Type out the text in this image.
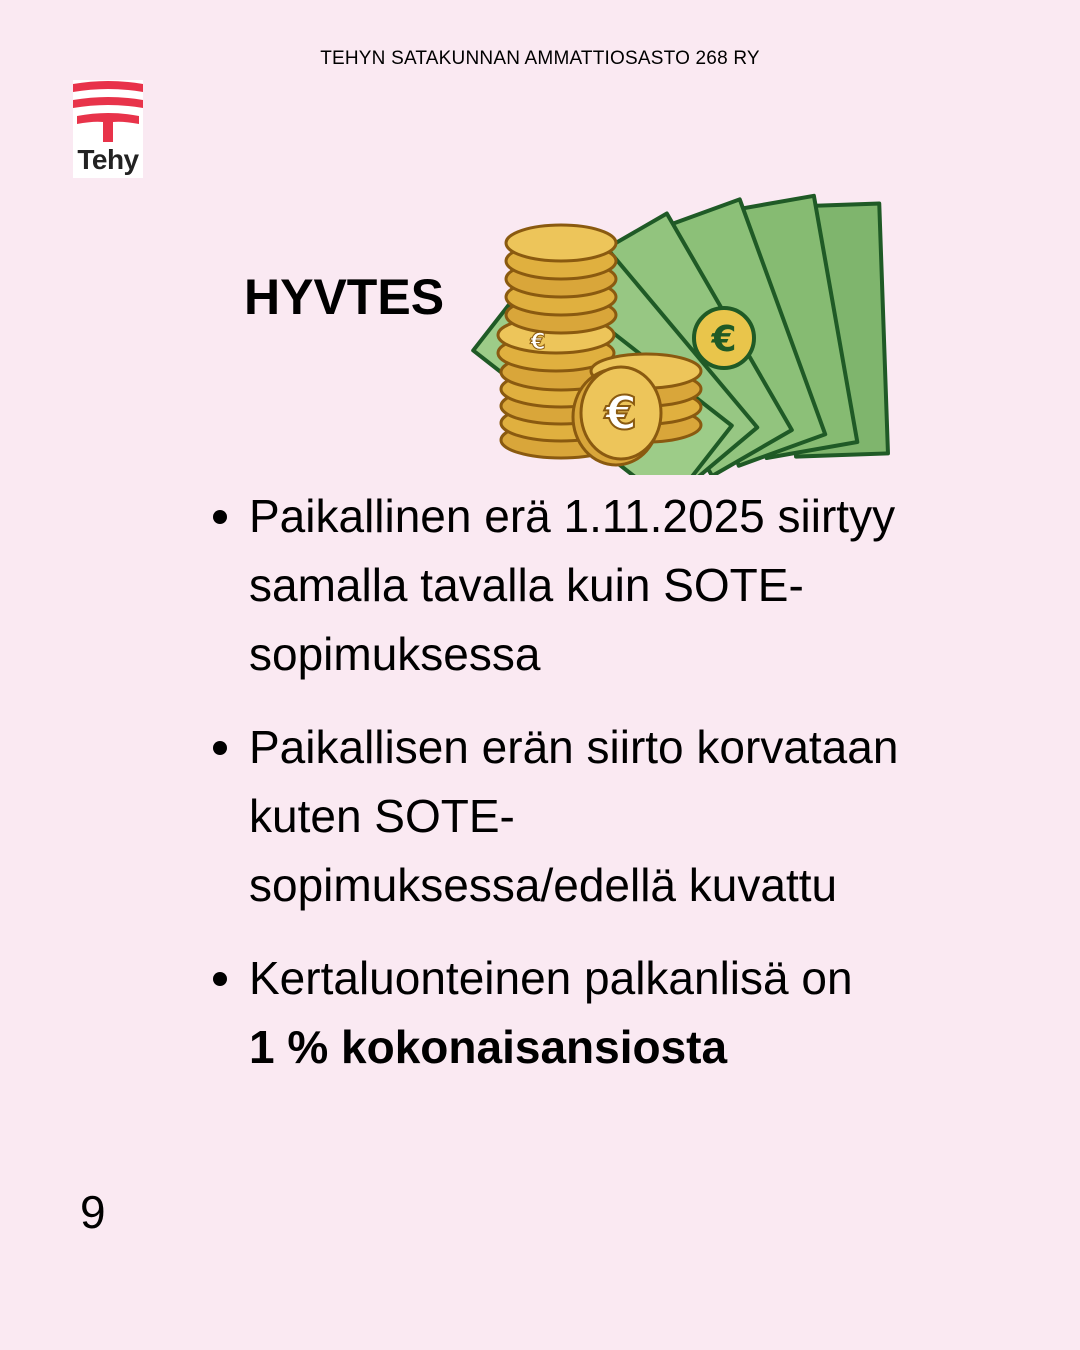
TEHYN SATAKUNNAN AMMATTIOSASTO 268 RY
Tehy
HYVTES
€
€
€
Paikallinen erä 1.11.2025 siirtyy samalla tavalla kuin SOTE- sopimuksessa
Paikallisen erän siirto korvataan kuten SOTE-sopimuksessa/edellä kuvattu
Kertaluonteinen palkanlisä on
1 % kokonaisansiosta
9
